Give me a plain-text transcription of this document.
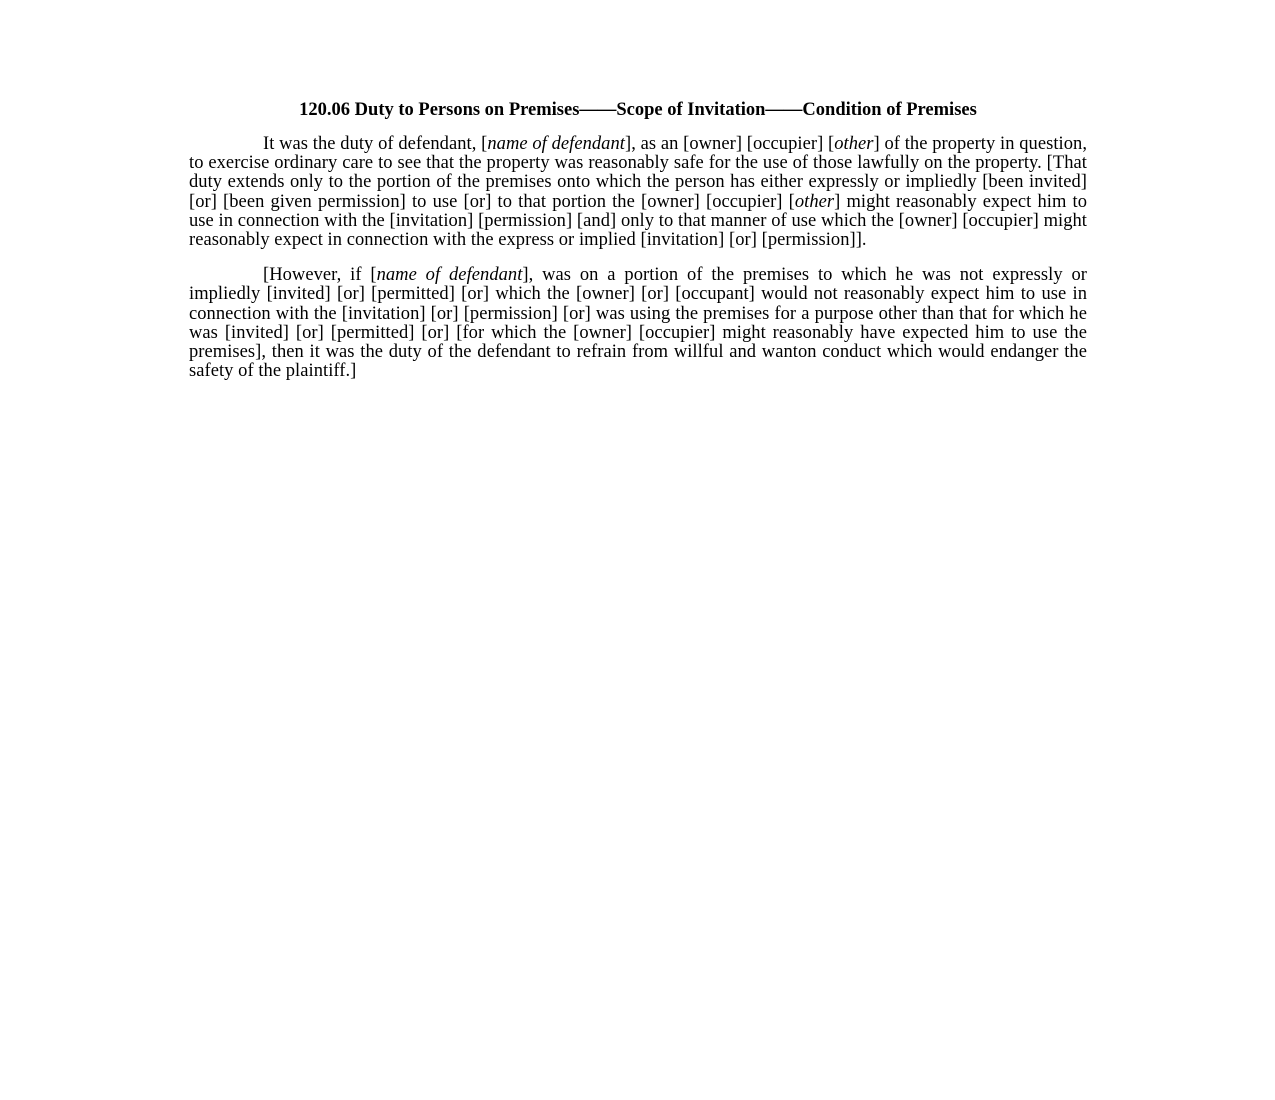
120.06 Duty to Persons on Premises——Scope of Invitation——Condition of Premises

It was the duty of defendant, [name of defendant], as an [owner] [occupier] [other] of the property in question, to exercise ordinary care to see that the property was reasonably safe for the use of those lawfully on the property. [That duty extends only to the portion of the premises onto which the person has either expressly or impliedly [been invited] [or] [been given permission] to use [or] to that portion the [owner] [occupier] [other] might reasonably expect him to use in connection with the [invitation] [permission] [and] only to that manner of use which the [owner] [occupier] might reasonably expect in connection with the express or implied [invitation] [or] [permission]].

[However, if [name of defendant], was on a portion of the premises to which he was not expressly or impliedly [invited] [or] [permitted] [or] which the [owner] [or] [occupant] would not reasonably expect him to use in connection with the [invitation] [or] [permission] [or] was using the premises for a purpose other than that for which he was [invited] [or] [permitted] [or] [for which the [owner] [occupier] might reasonably have expected him to use the premises], then it was the duty of the defendant to refrain from willful and wanton conduct which would endanger the safety of the plaintiff.]
